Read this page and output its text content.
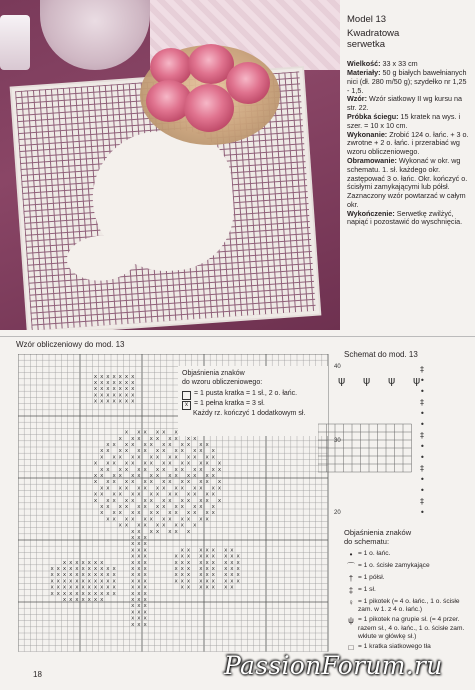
Model 13
Kwadratowa
serwetka
Wielkość: 33 x 33 cm
Materiały: 50 g białych bawełnianych nici (dł. 280 m/50 g); szydełko nr 1,25 - 1,5.
Wzór: Wzór siatkowy II wg kursu na str. 22.
Próbka ściegu: 15 kratek na wys. i szer. = 10 x 10 cm.
Wykonanie: Zrobić 124 o. łańc. + 3 o. zwrotne + 2 o. łańc. i przerabiać wg wzoru obliczeniowego.
Obramowanie: Wykonać w okr. wg schematu. 1. sł. każdego okr. zastępować 3 o. łańc. Okr. kończyć o. ścisłymi zamykającymi lub półsł. Zaznaczony wzór powtarzać w całym okr.
Wykończenie: Serwetkę zwilżyć, napiąć i pozostawić do wyschnięcia.
Wzór obliczeniowy do mod. 13
Schemat do mod. 13
x x x x x x x
x x x x x x x
x x x x x x x
x x x x x x x
x x x x x x x
x x x x x x
x x x x x x x x x
x x x x x x x x x x x x
x x x x x x x x x x x x x
x x x x x x x x x x x x x
x x x x x x x x x x x x x x
x x x x x x x x x x x x x x
x x x x x x x x x x x x x x
x x x x x x x x x x x x x x
x x x x x x x x x x x x x x
x x x x x x x x x x x x x x
x x x x x x x x x x x x x x
x x x x x x x x x x x x x
x x x x x x x x x x x x x
x x x x x x x x x x x x
x x x x x x x x x
x x x x x x x
x x x
x x x
x x x	x x x x x x x
x x x	x x x x x x x x x
x x x x x x x	x x x	x x x x x x x x x
x x x x x x x x x x x	x x x	x x x x x x x x x
x x x x x x x x x x x	x x x	x x x x x x x x x
x x x x x x x x x x x	x x x	x x x x x x x x x
x x x x x x x x x x x	x x x	x x x x x x x
x x x x x x x x x x x	x x x
x x x x x x x	x x x
x x x
x x x
x x x
x x x
Objaśnienia znaków
do wzoru obliczeniowego:
= 1 pusta kratka = 1 sł., 2 o. łańc.
x = 1 pełna kratka = 3 sł.
Każdy rz. kończyć 1 dodatkowym sł.
‡
•
•
‡
•
•
‡
•
•
‡
•
•
‡
•
ψ ψ ψ ψ
40
30
20
Objaśnienia znaków
do schematu:
• = 1 o. łańc.
⌒ = 1 o. ścisłe zamykające
† = 1 półsł.
‡ = 1 sł.
♀ = 1 pikotek (= 4 o. łańc., 1 o. ścisłe zam. w 1. z 4 o. łańc.)
ψ = 1 pikotek na grupie sł. (= 4 przer. razem sł., 4 o. łańc., 1 o. ścisłe zam. wkłute w główkę sł.)
□ = 1 kratka siatkowego tła
18	PassionForum.ru
